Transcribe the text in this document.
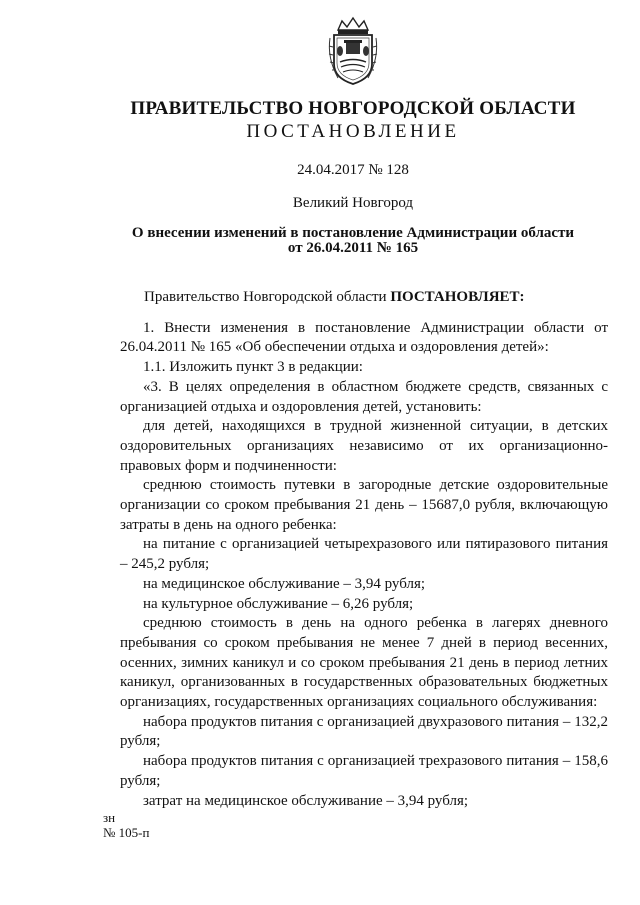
ПРАВИТЕЛЬСТВО НОВГОРОДСКОЙ ОБЛАСТИ
ПОСТАНОВЛЕНИЕ
24.04.2017 № 128
Великий Новгород
О внесении изменений в постановление Администрации области
от 26.04.2011 № 165

Правительство Новгородской области ПОСТАНОВЛЯЕТ:

1. Внести изменения в постановление Администрации области от 26.04.2011 № 165 «Об обеспечении отдыха и оздоровления детей»:

1.1. Изложить пункт 3 в редакции:

«3. В целях определения в областном бюджете средств, связанных с организацией отдыха и оздоровления детей, установить:

для детей, находящихся в трудной жизненной ситуации, в детских оздоровительных организациях независимо от их организационно-правовых форм и подчиненности:

среднюю стоимость путевки в загородные детские оздоровительные организации со сроком пребывания 21 день – 15687,0 рубля, включающую затраты в день на одного ребенка:

на питание с организацией четырехразового или пятиразового питания – 245,2 рубля;

на медицинское обслуживание – 3,94 рубля;

на культурное обслуживание – 6,26 рубля;

среднюю стоимость в день на одного ребенка в лагерях дневного пребывания со сроком пребывания не менее 7 дней в период весенних, осенних, зимних каникул и со сроком пребывания 21 день в период летних каникул, организованных в государственных образовательных бюджетных организациях, государственных организациях социального обслуживания:

набора продуктов питания с организацией двухразового питания – 132,2 рубля;

набора продуктов питания с организацией трехразового питания – 158,6 рубля;

затрат на медицинское обслуживание – 3,94 рубля;

зн
№ 105-п
